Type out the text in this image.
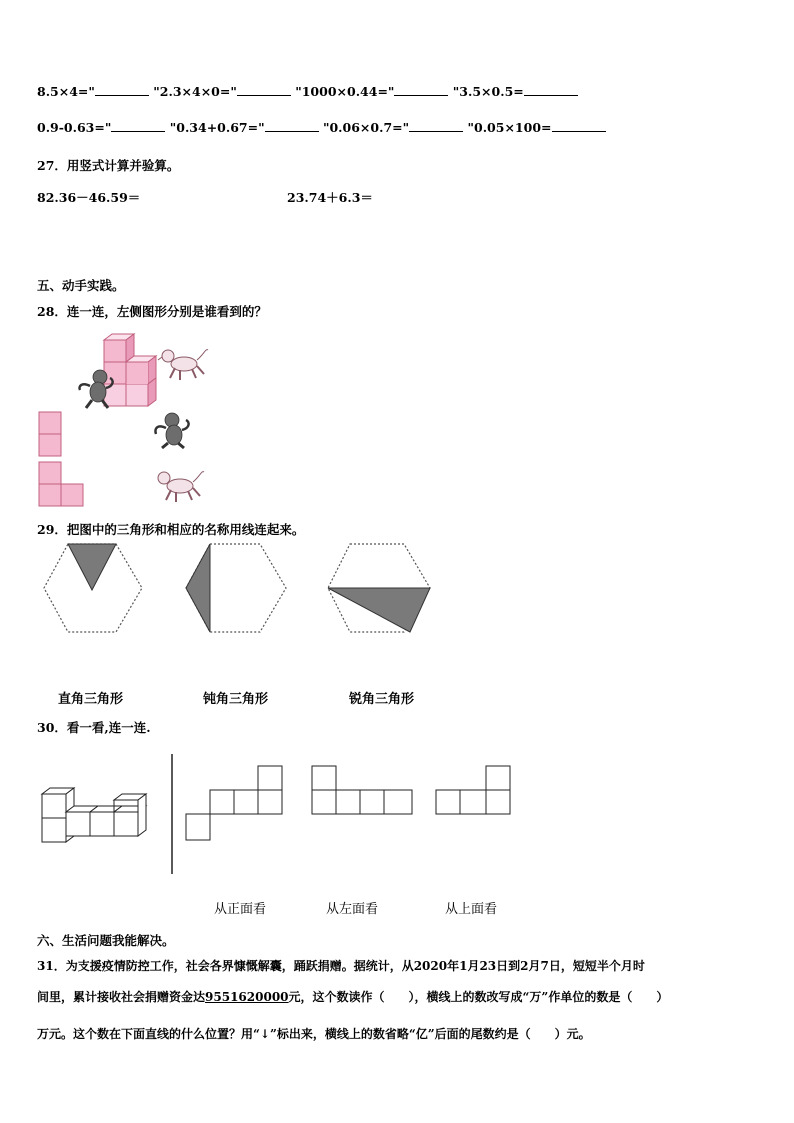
8.5×4="	"2.3×4×0="	"1000×0.44="	"3.5×0.5=
0.9-0.63="	"0.34+0.67="	"0.06×0.7="	"0.05×100=
27．用竖式计算并验算。
82.36－46.59＝	23.74＋6.3＝
五、动手实践。
28．连一连，左侧图形分别是谁看到的？
29．把图中的三角形和相应的名称用线连起来。
直角三角形	钝角三角形	锐角三角形
30．看一看,连一连.
从正面看	从左面看	从上面看
六、生活问题我能解决。
31．为支援疫情防控工作，社会各界慷慨解囊，踊跃捐赠。据统计，从2020年1月23日到2月7日，短短半个月时
间里，累计接收社会捐赠资金达9551620000元，这个数读作（　　），横线上的数改写成“万”作单位的数是（　　）
万元。这个数在下面直线的什么位置？用“↓”标出来，横线上的数省略“亿”后面的尾数约是（　　）元。
